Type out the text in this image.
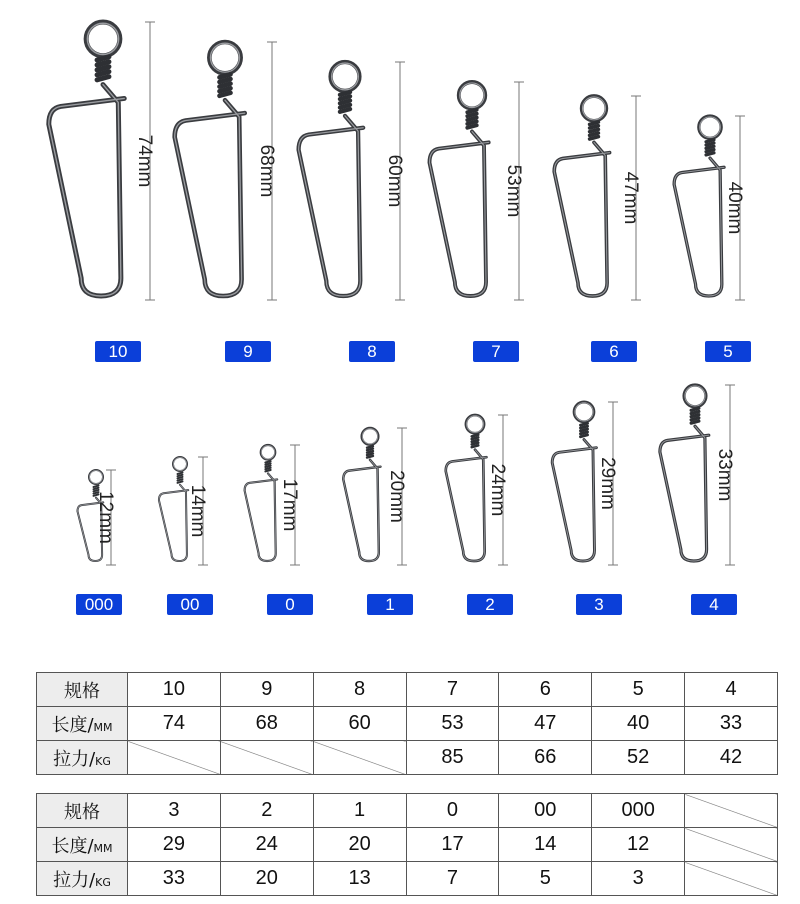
74mm
10
68mm
9
60mm
8
53mm
7
47mm
6
40mm
5
12mm
000
14mm
00
17mm
0
20mm
1
24mm
2
29mm
3
33mm
4
规格	10	9	8	7	6	5	4
长度/MM	74	68	60	53	47	40	33
拉力/KG				85	66	52	42
规格	3	2	1	0	00	000	
长度/MM	29	24	20	17	14	12	
拉力/KG	33	20	13	7	5	3	
